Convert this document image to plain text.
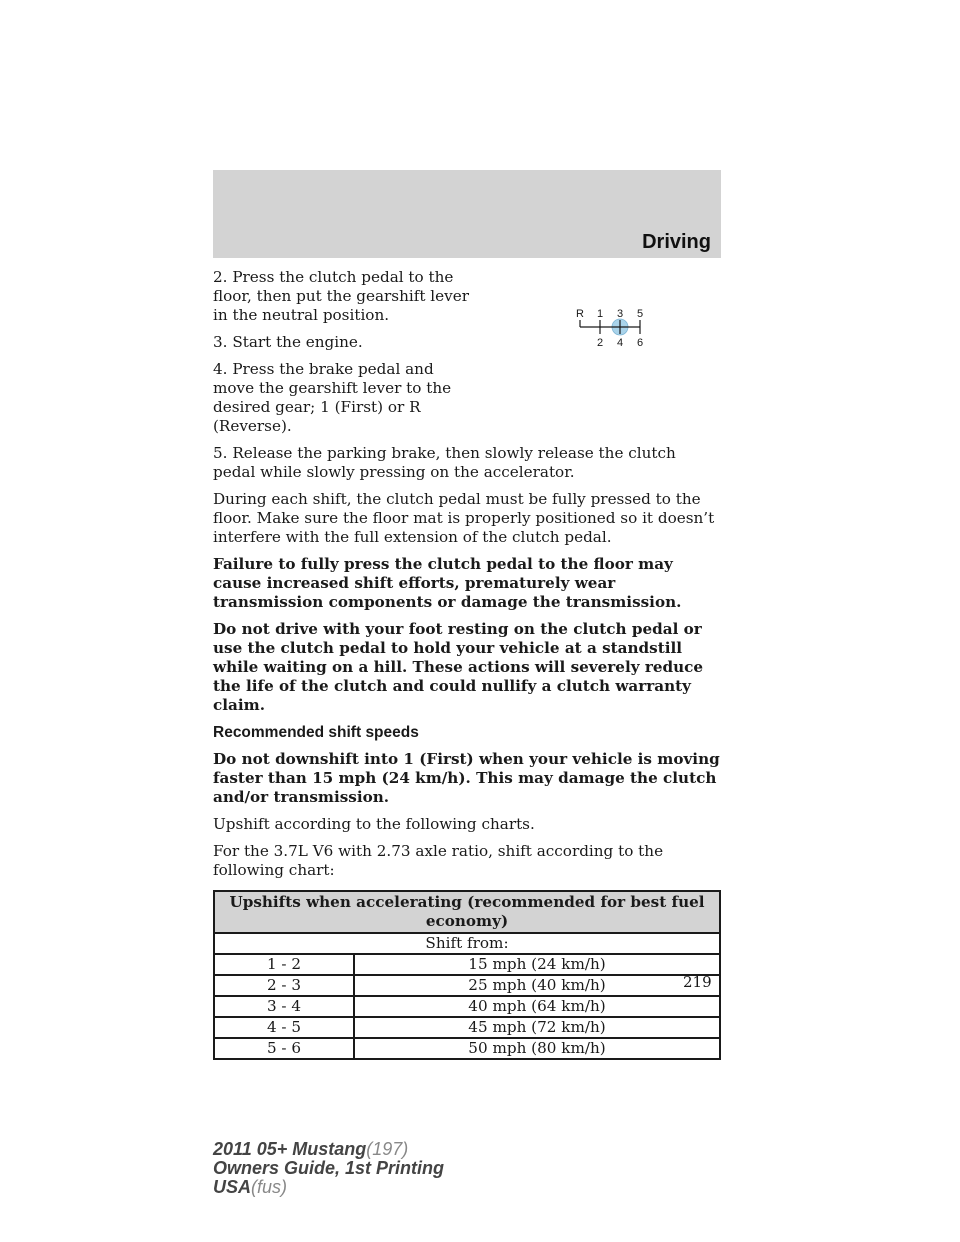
Driving

2. Press the clutch pedal to the floor, then put the gearshift lever in the neutral position.

3. Start the engine.

4. Press the brake pedal and move the gearshift lever to the desired gear; 1 (First) or R (Reverse).

R 1 3 5
2 4 6

5. Release the parking brake, then slowly release the clutch pedal while slowly pressing on the accelerator.

During each shift, the clutch pedal must be fully pressed to the floor. Make sure the floor mat is properly positioned so it doesn’t interfere with the full extension of the clutch pedal.

Failure to fully press the clutch pedal to the floor may cause increased shift efforts, prematurely wear transmission components or damage the transmission.

Do not drive with your foot resting on the clutch pedal or use the clutch pedal to hold your vehicle at a standstill while waiting on a hill. These actions will severely reduce the life of the clutch and could nullify a clutch warranty claim.

Recommended shift speeds

Do not downshift into 1 (First) when your vehicle is moving faster than 15 mph (24 km/h). This may damage the clutch and/or transmission.

Upshift according to the following charts.

For the 3.7L V6 with 2.73 axle ratio, shift according to the following chart:

Upshifts when accelerating (recommended for best fuel economy)	
Shift from:	
1 - 2	15 mph (24 km/h)
2 - 3	25 mph (40 km/h)
3 - 4	40 mph (64 km/h)
4 - 5	45 mph (72 km/h)
5 - 6	50 mph (80 km/h)
219
2011 05+ Mustang(197)
Owners Guide, 1st Printing
USA(fus)
